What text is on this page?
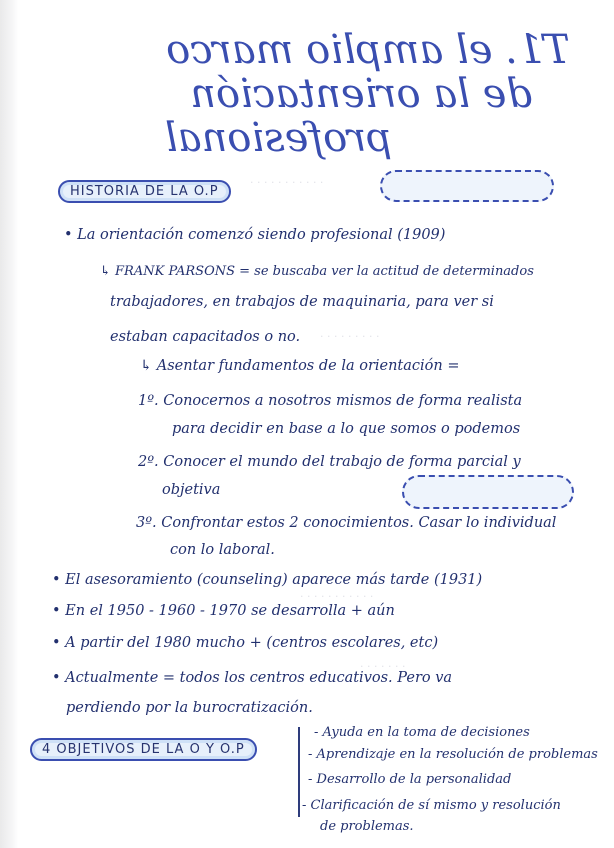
· · · · · · · · · · ·
· · · · · · · · ·
· · · · · · · · · · ·
· · · · · · ·
T1. el amplio marco
de la orientación
profesional
HISTORIA DE LA O.P
• La orientación comenzó siendo profesional (1909)
↳ FRANK PARSONS = se buscaba ver la actitud de determinados
trabajadores, en trabajos de maquinaria, para ver si
estaban capacitados o no.
↳ Asentar fundamentos de la orientación =
1º. Conocernos a nosotros mismos de forma realista
para decidir en base a lo que somos o podemos
2º. Conocer el mundo del trabajo de forma parcial y
objetiva
3º. Confrontar estos 2 conocimientos. Casar lo individual
con lo laboral.
• El asesoramiento (counseling) aparece más tarde (1931)
• En el 1950 - 1960 - 1970 se desarrolla + aún
• A partir del 1980 mucho + (centros escolares, etc)
• Actualmente = todos los centros educativos. Pero va
perdiendo por la burocratización.
4 OBJETIVOS DE LA O Y O.P
- Ayuda en la toma de decisiones
- Aprendizaje en la resolución de problemas
- Desarrollo de la personalidad
- Clarificación de sí mismo y resolución
de problemas.
